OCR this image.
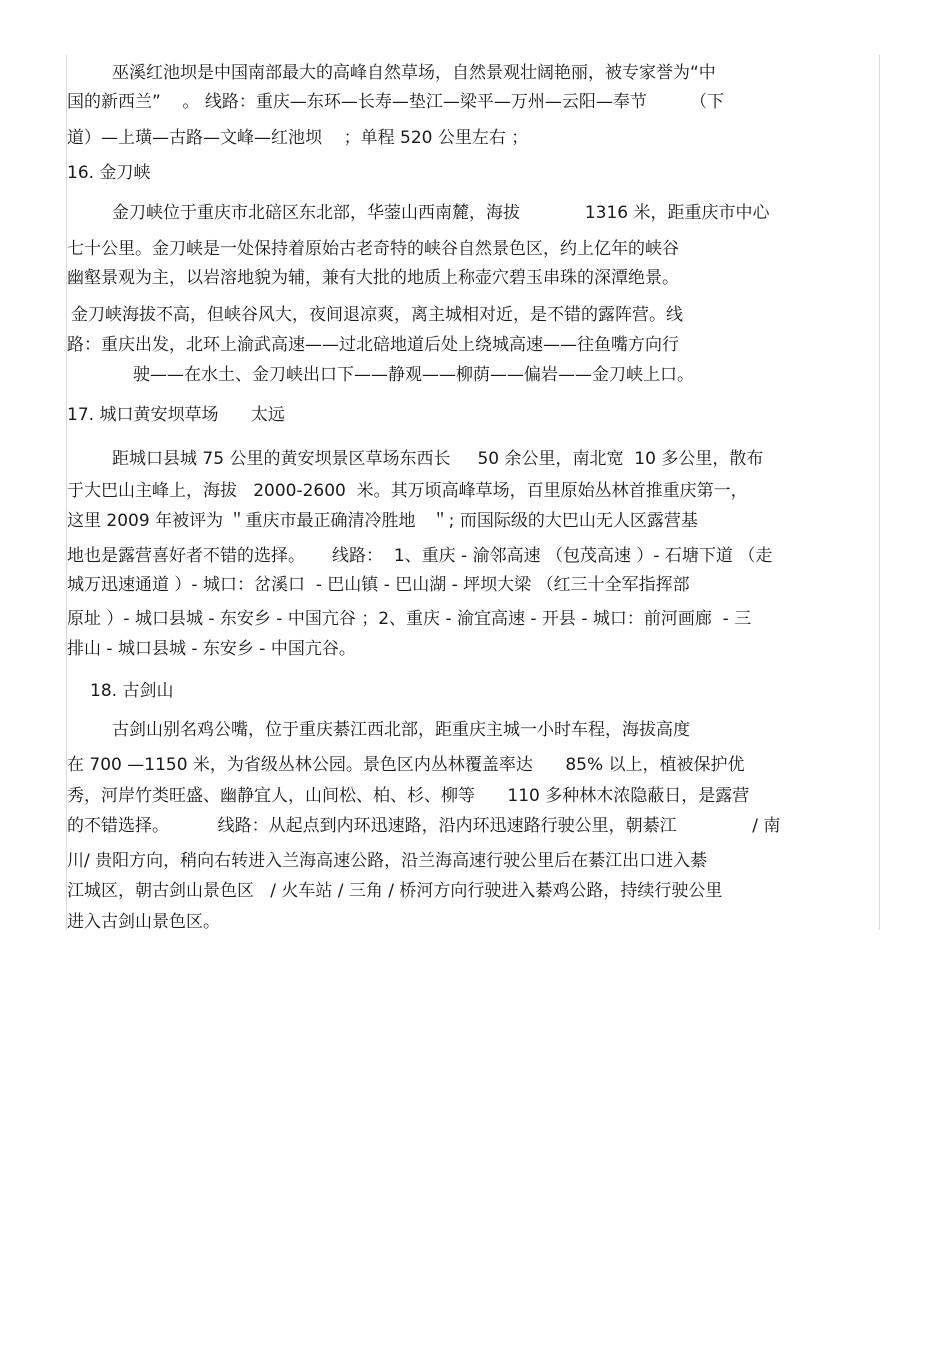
巫溪红池坝是中国南部最大的高峰自然草场，自然景观壮阔艳丽，被专家誉为“中
国的新西兰”    。 线路：重庆—东环—长寿—垫江—梁平—万州—云阳—奉节        （下
道）—上璜—古路—文峰—红池坝    ；单程 520 公里左右 ；
16. 金刀峡
金刀峡位于重庆市北碚区东北部，华蓥山西南麓，海拔            1316 米，距重庆市中心
七十公里。金刀峡是一处保持着原始古老奇特的峡谷自然景色区，约上亿年的峡谷
幽壑景观为主，以岩溶地貌为辅，兼有大批的地质上称壶穴碧玉串珠的深潭绝景。
金刀峡海拔不高，但峡谷风大，夜间退凉爽，离主城相对近，是不错的露阵营。线
路：重庆出发，北环上渝武高速——过北碚地道后处上绕城高速——往鱼嘴方向行
驶——在水土、金刀峡出口下——静观——柳荫——偏岩——金刀峡上口。
17. 城口黄安坝草场      太远
距城口县城 75 公里的黄安坝景区草场东西长     50 余公里，南北宽  10 多公里，散布
于大巴山主峰上，海拔   2000-2600  米。其万顷高峰草场，百里原始丛林首推重庆第一，
这里 2009 年被评为 ＂重庆市最正确清冷胜地   ＂; 而国际级的大巴山无人区露营基
地也是露营喜好者不错的选择。     线路：  1、重庆 - 渝邻高速 （包茂高速 ）- 石塘下道 （走
城万迅速通道 ）- 城口：岔溪口  - 巴山镇 - 巴山湖 - 坪坝大梁 （红三十全军指挥部
原址 ）- 城口县城 - 东安乡 - 中国亢谷 ；2、重庆 - 渝宜高速 - 开县 - 城口：前河画廊  - 三
排山 - 城口县城 - 东安乡 - 中国亢谷。
18. 古剑山
古剑山别名鸡公嘴，位于重庆綦江西北部，距重庆主城一小时车程，海拔高度
在 700 —1150 米，为省级丛林公园。景色区内丛林覆盖率达      85% 以上，植被保护优
秀，河岸竹类旺盛、幽静宜人，山间松、柏、杉、柳等      110 多种林木浓隐蔽日，是露营
的不错选择。         线路：从起点到内环迅速路，沿内环迅速路行驶公里，朝綦江              / 南
川/ 贵阳方向，稍向右转进入兰海高速公路，沿兰海高速行驶公里后在綦江出口进入綦
江城区，朝古剑山景色区   / 火车站 / 三角 / 桥河方向行驶进入綦鸡公路，持续行驶公里
进入古剑山景色区。
